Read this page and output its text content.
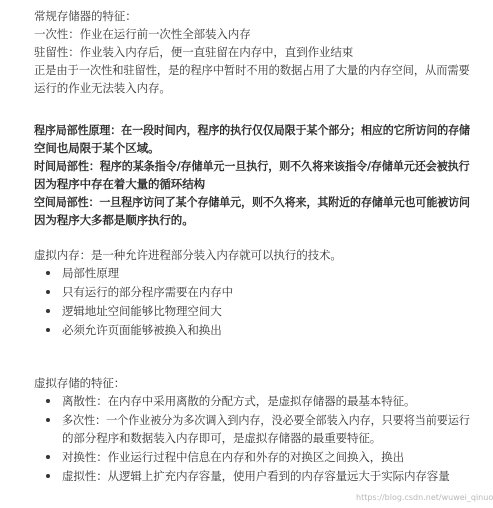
常规存储器的特征：
一次性：作业在运行前一次性全部装入内存
驻留性：作业装入内存后，便一直驻留在内存中，直到作业结束
正是由于一次性和驻留性，是的程序中暂时不用的数据占用了大量的内存空间，从而需要
运行的作业无法装入内存。
程序局部性原理：在一段时间内，程序的执行仅仅局限于某个部分；相应的它所访问的存储
空间也局限于某个区域。
时间局部性：程序的某条指令/存储单元一旦执行，则不久将来该指令/存储单元还会被执行
因为程序中存在着大量的循环结构
空间局部性：一旦程序访问了某个存储单元，则不久将来，其附近的存储单元也可能被访问
因为程序大多都是顺序执行的。
虚拟内存：是一种允许进程部分装入内存就可以执行的技术。
局部性原理
只有运行的部分程序需要在内存中
逻辑地址空间能够比物理空间大
必须允许页面能够被换入和换出
虚拟存储的特征：
离散性：在内存中采用离散的分配方式，是虚拟存储器的最基本特征。
多次性：一个作业被分为多次调入到内存，没必要全部装入内存，只要将当前要运行
的部分程序和数据装入内存即可，是虚拟存储器的最重要特征。
对换性：作业运行过程中信息在内存和外存的对换区之间换入，换出
虚拟性：从逻辑上扩充内存容量，使用户看到的内存容量远大于实际内存容量
https://blog.csdn.net/wuwei_qinuo
